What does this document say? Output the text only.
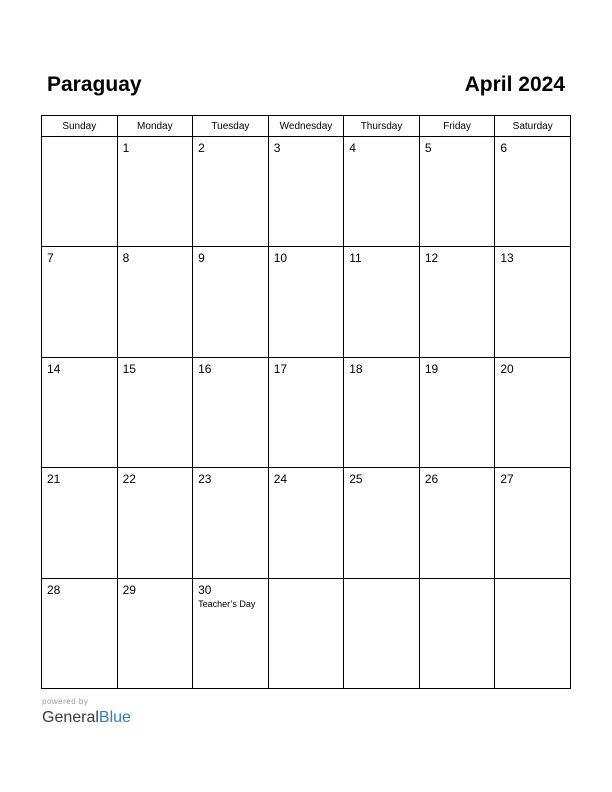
Paraguay	April 2024
Sunday	Monday	Tuesday	Wednesday	Thursday	Friday	Saturday

	1	2	3	4	5	6

7	8	9	10	11	12	13

14	15	16	17	18	19	20

21	22	23	24	25	26	27

28	29	30
Teacher’s Day				

powered by
GeneralBlue
